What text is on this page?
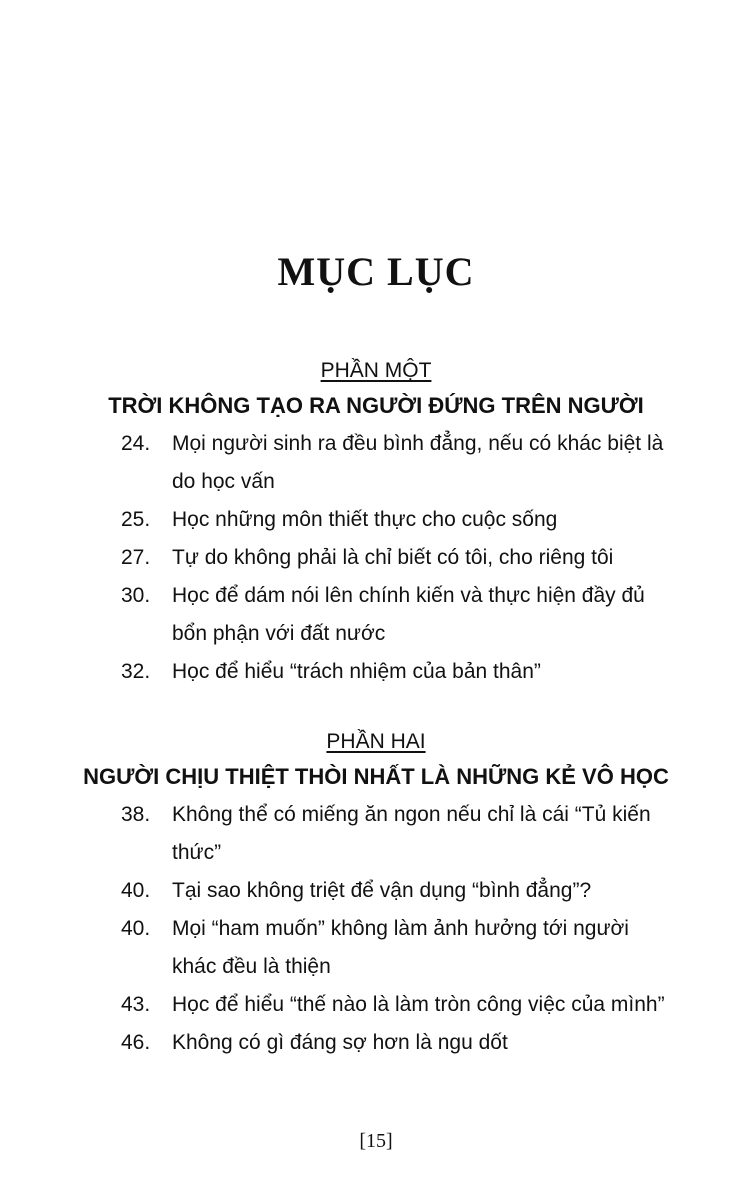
MỤC LỤC

PHẦN MỘT

TRỜI KHÔNG TẠO RA NGƯỜI ĐỨNG TRÊN NGƯỜI

24.	Mọi người sinh ra đều bình đẳng, nếu có khác biệt là do học vấn
25.	Học những môn thiết thực cho cuộc sống
27.	Tự do không phải là chỉ biết có tôi, cho riêng tôi
30.	Học để dám nói lên chính kiến và thực hiện đầy đủ bổn phận với đất nước
32.	Học để hiểu “trách nhiệm của bản thân”

PHẦN HAI

NGƯỜI CHỊU THIỆT THÒI NHẤT LÀ NHỮNG KẺ VÔ HỌC

38.	Không thể có miếng ăn ngon nếu chỉ là cái “Tủ kiến thức”
40.	Tại sao không triệt để vận dụng “bình đẳng”?
40.	Mọi “ham muốn” không làm ảnh hưởng tới người khác đều là thiện
43.	Học để hiểu “thế nào là làm tròn công việc của mình”
46.	Không có gì đáng sợ hơn là ngu dốt
[15]
